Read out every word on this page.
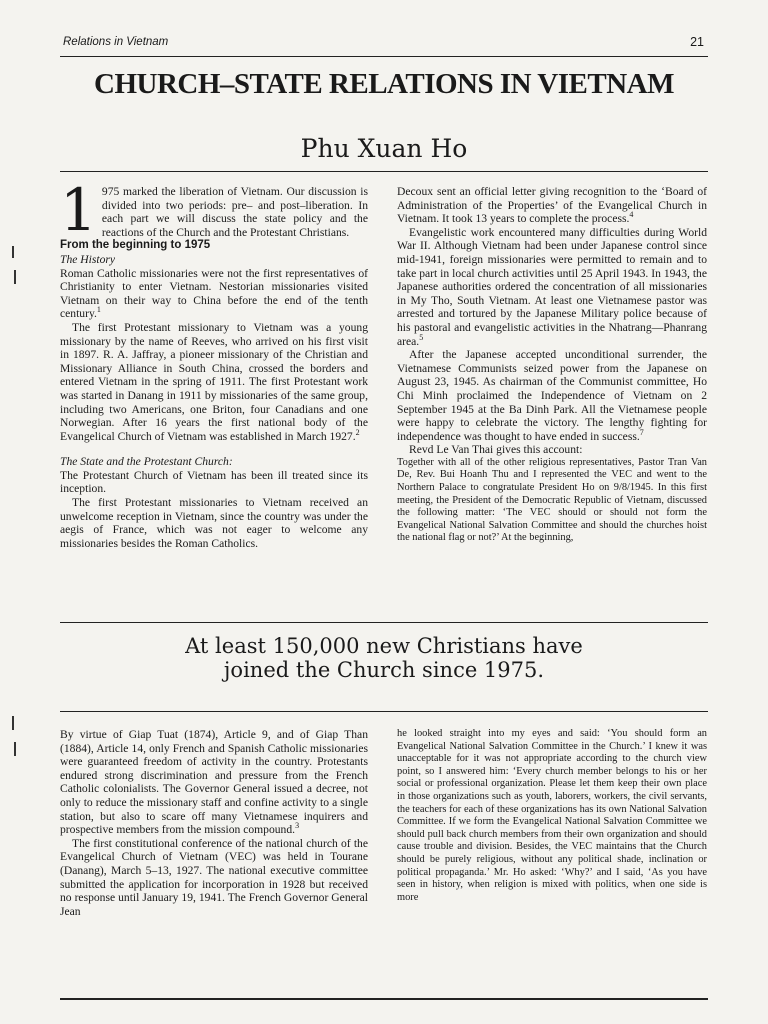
Relations in Vietnam	21
CHURCH–STATE RELATIONS IN VIETNAM
Phu Xuan Ho

1 975 marked the liberation of Vietnam. Our discussion is divided into two periods: pre– and post–liberation. In each part we will discuss the state policy and the reactions of the Church and the Protestant Christians.

From the beginning to 1975

The History

Roman Catholic missionaries were not the first representatives of Christianity to enter Vietnam. Nestorian missionaries visited Vietnam on their way to China before the end of the tenth century.$^1$

The first Protestant missionary to Vietnam was a young missionary by the name of Reeves, who arrived on his first visit in 1897. R. A. Jaffray, a pioneer missionary of the Christian and Missionary Alliance in South China, crossed the borders and entered Vietnam in the spring of 1911. The first Protestant work was started in Danang in 1911 by missionaries of the same group, including two Americans, one Briton, four Canadians and one Norwegian. After 16 years the first national body of the Evangelical Church of Vietnam was established in March 1927.$^2$

The State and the Protestant Church:

The Protestant Church of Vietnam has been ill treated since its inception.

The first Protestant missionaries to Vietnam received an unwelcome reception in Vietnam, since the country was under the aegis of France, which was not eager to welcome any missionaries besides the Roman Catholics.

Decoux sent an official letter giving recognition to the ‘Board of Administration of the Properties’ of the Evangelical Church in Vietnam. It took 13 years to complete the process.$^4$

Evangelistic work encountered many difficulties during World War II. Although Vietnam had been under Japanese control since mid-1941, foreign missionaries were permitted to remain and to take part in local church activities until 25 April 1943. In 1943, the Japanese authorities ordered the concentration of all missionaries in My Tho, South Vietnam. At least one Vietnamese pastor was arrested and tortured by the Japanese Military police because of his pastoral and evangelistic activities in the Nhatrang—Phanrang area.$^5$

After the Japanese accepted unconditional surrender, the Vietnamese Communists seized power from the Japanese on August 23, 1945. As chairman of the Communist committee, Ho Chi Minh proclaimed the Independence of Vietnam on 2 September 1945 at the Ba Dinh Park. All the Vietnamese people were happy to celebrate the victory. The lengthy fighting for independence was thought to have ended in success.$^7$

Revd Le Van Thai gives this account:

Together with all of the other religious representatives, Pastor Tran Van De, Rev. Bui Hoanh Thu and I represented the VEC and went to the Northern Palace to congratulate President Ho on 9/8/1945. In this first meeting, the President of the Democratic Republic of Vietnam, discussed the following matter: ‘The VEC should or should not form the Evangelical National Salvation Committee and should the churches hoist the national flag or not?’ At the beginning,

At least 150,000 new Christians have joined the Church since 1975.

By virtue of Giap Tuat (1874), Article 9, and of Giap Than (1884), Article 14, only French and Spanish Catholic missionaries were guaranteed freedom of activity in the country. Protestants endured strong discrimination and pressure from the French Catholic colonialists. The Governor General issued a decree, not only to reduce the missionary staff and confine activity to a single station, but also to scare off many Vietnamese inquirers and prospective members from the mission compound.$^3$

The first constitutional conference of the national church of the Evangelical Church of Vietnam (VEC) was held in Tourane (Danang), March 5–13, 1927. The national executive committee submitted the application for incorporation in 1928 but received no response until January 19, 1941. The French Governor General Jean

he looked straight into my eyes and said: ‘You should form an Evangelical National Salvation Committee in the Church.’ I knew it was unacceptable for it was not appropriate according to the church view point, so I answered him: ‘Every church member belongs to his or her social or professional organization. Please let them keep their own place in those organizations such as youth, laborers, workers, the civil servants, the teachers for each of these organizations has its own National Salvation Committee. If we form the Evangelical National Salvation Committee we should pull back church members from their own organization and should cause trouble and division. Besides, the VEC maintains that the Church should be purely religious, without any political shade, inclination or political propaganda.’ Mr. Ho asked: ‘Why?’ and I said, ‘As you have seen in history, when religion is mixed with politics, when one side is more
